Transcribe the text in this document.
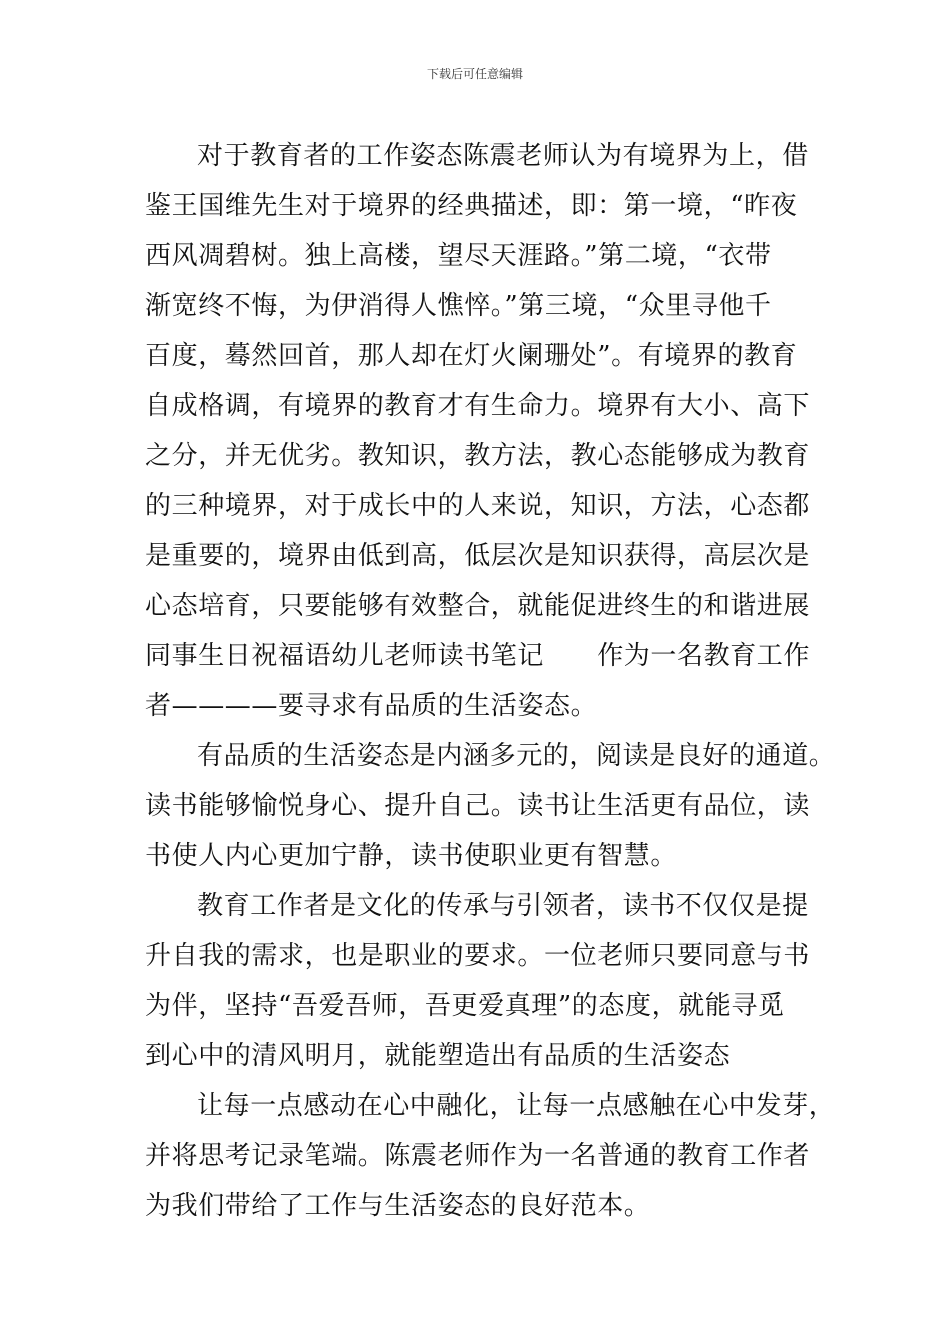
下载后可任意编辑

对于教育者的工作姿态陈震老师认为有境界为上，借
鉴王国维先生对于境界的经典描述，即：第一境，“昨夜
西风凋碧树。独上高楼，望尽天涯路。”第二境，“衣带
渐宽终不悔，为伊消得人憔悴。”第三境，“众里寻他千
百度，蓦然回首，那人却在灯火阑珊处”。有境界的教育
自成格调，有境界的教育才有生命力。境界有大小、高下
之分，并无优劣。教知识，教方法，教心态能够成为教育
的三种境界，对于成长中的人来说，知识，方法，心态都
是重要的，境界由低到高，低层次是知识获得，高层次是
心态培育，只要能够有效整合，就能促进终生的和谐进展
同事生日祝福语幼儿老师读书笔记　　作为一名教育工作
者————要寻求有品质的生活姿态。

有品质的生活姿态是内涵多元的，阅读是良好的通道。
读书能够愉悦身心、提升自己。读书让生活更有品位，读
书使人内心更加宁静，读书使职业更有智慧。

教育工作者是文化的传承与引领者，读书不仅仅是提
升自我的需求，也是职业的要求。一位老师只要同意与书
为伴，坚持“吾爱吾师，吾更爱真理”的态度，就能寻觅
到心中的清风明月，就能塑造出有品质的生活姿态

让每一点感动在心中融化，让每一点感触在心中发芽，
并将思考记录笔端。陈震老师作为一名普通的教育工作者
为我们带给了工作与生活姿态的良好范本。
